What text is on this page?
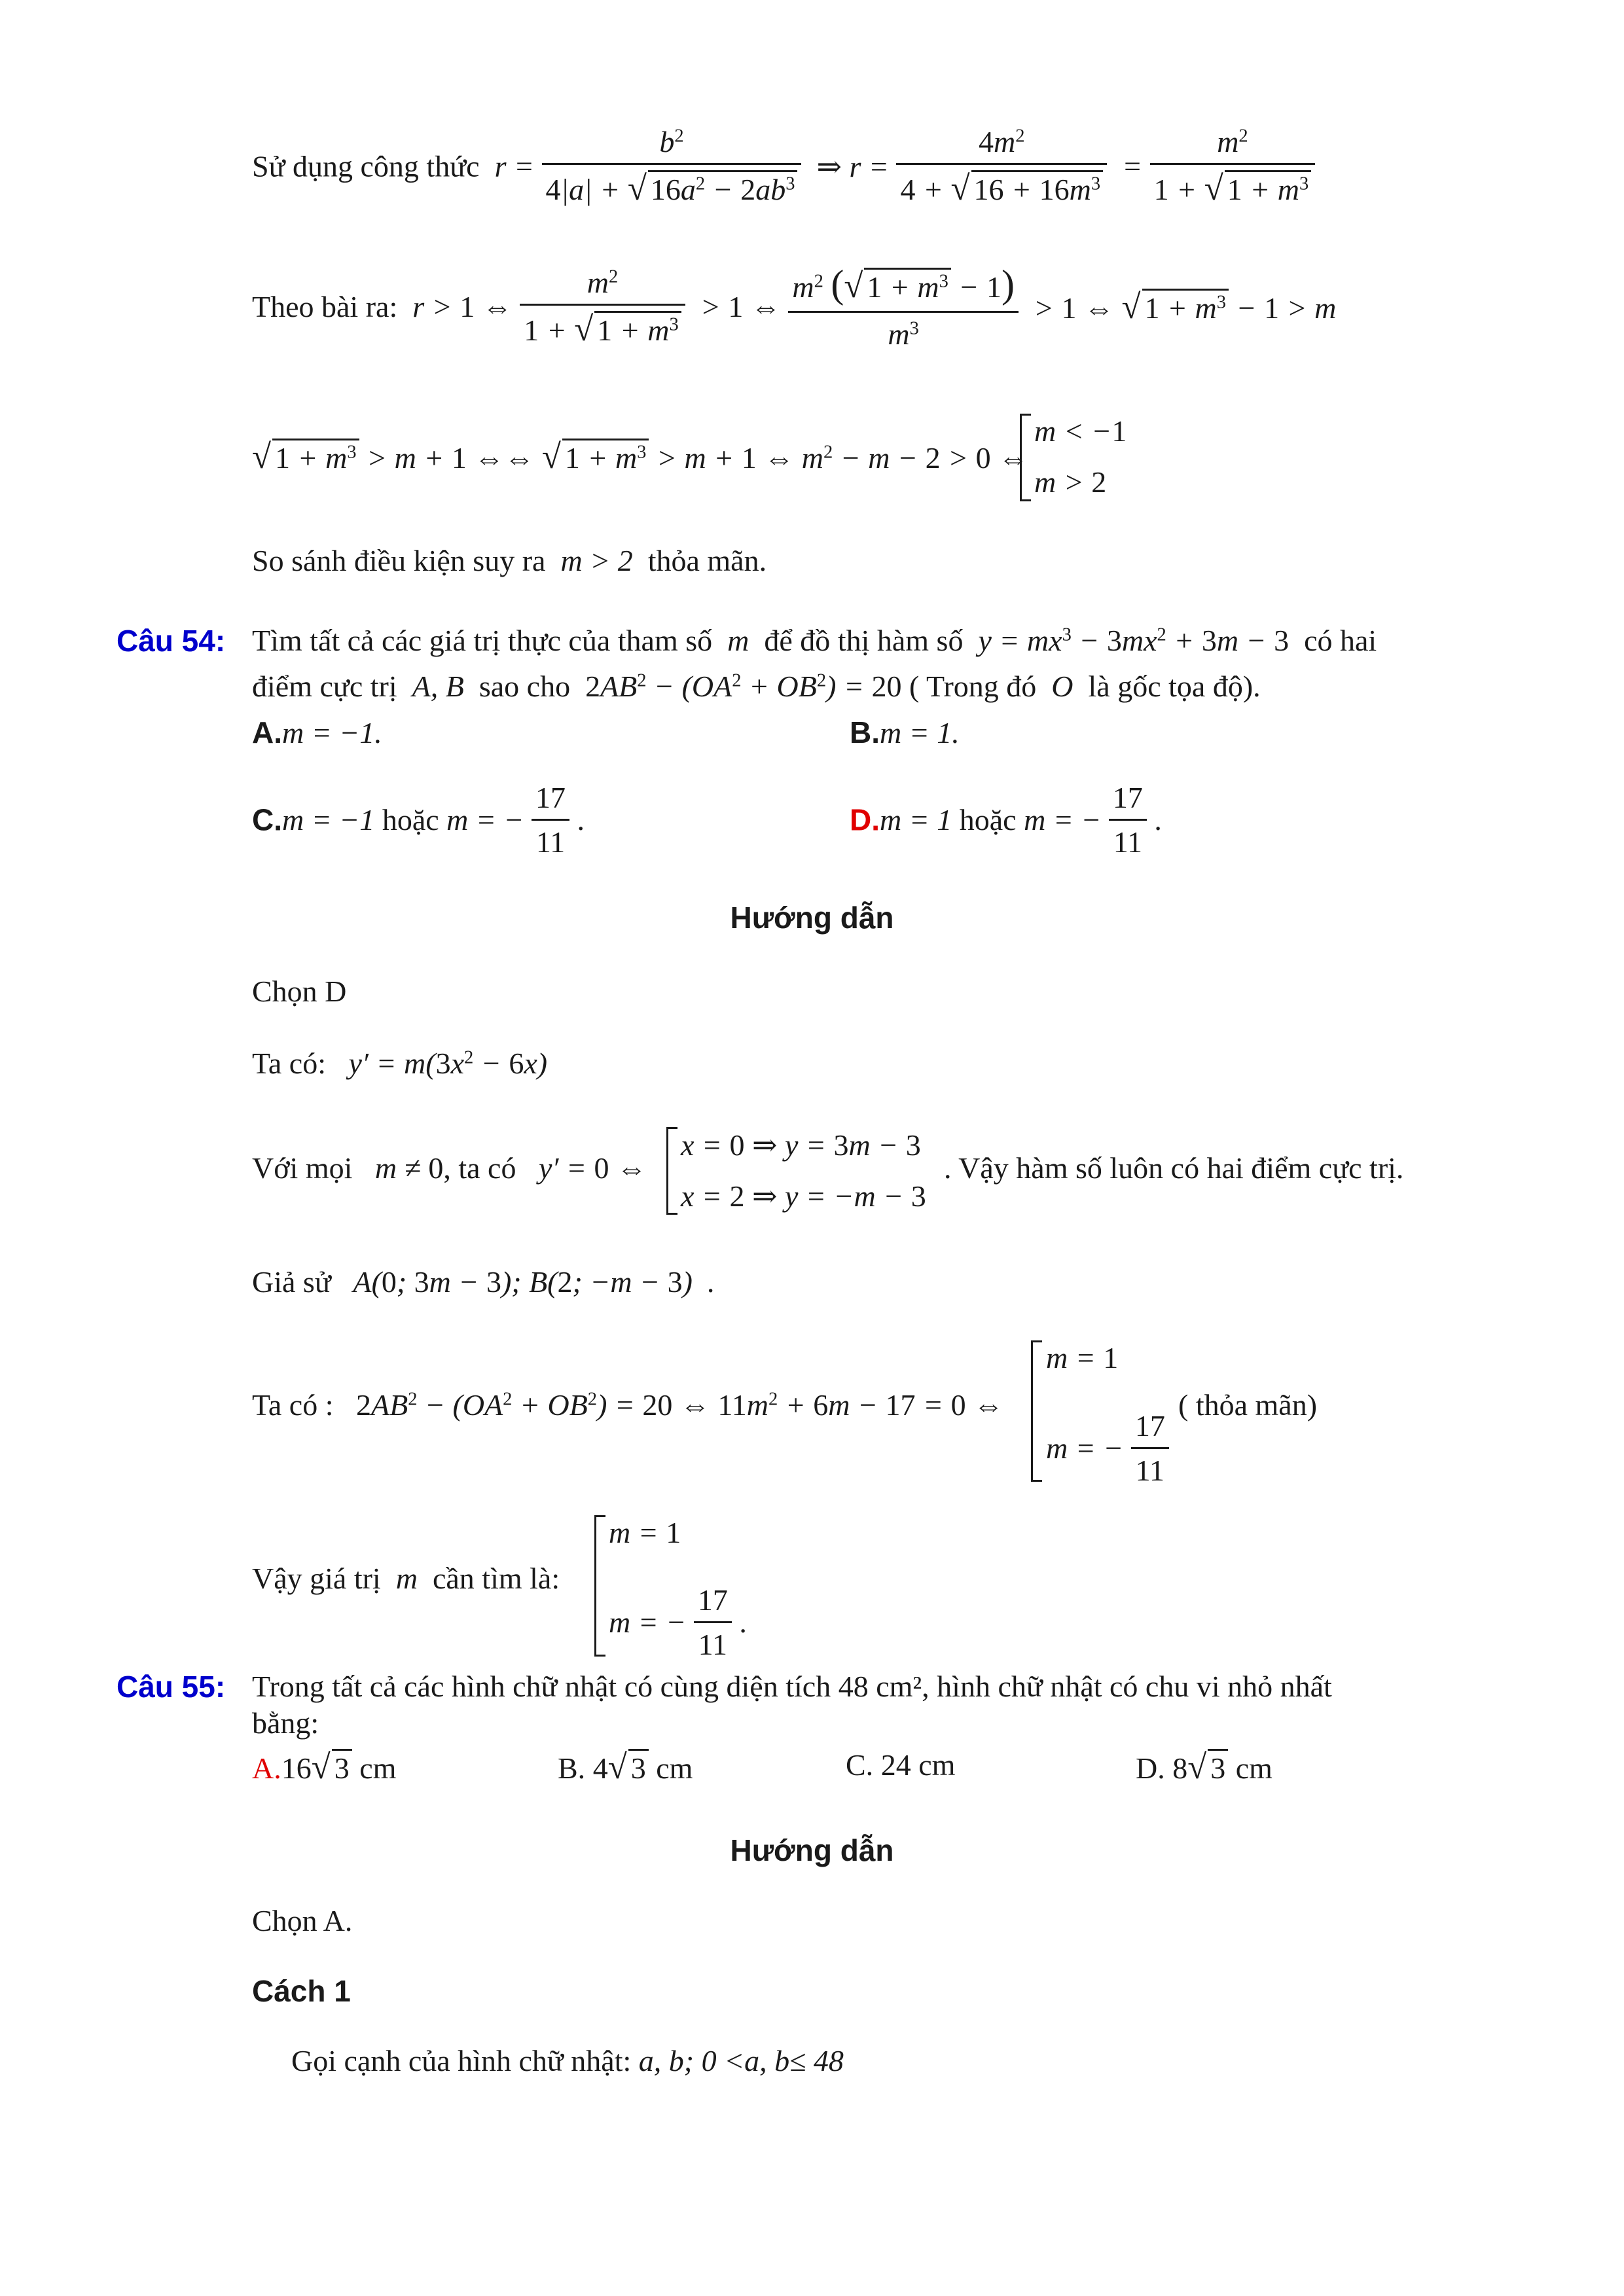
Sử dụng công thức  $r = \frac{b^2}{4|a| + √ 16a^2 - 2ab^3}$ ⇒ $r = \frac{4m^2}{4 + √ 16 + 16m^3} = \frac{m^2}{1 + √ 1 + m^3}$
Theo bài ra:  r > 1 ⇔ $\frac{m^2}{1 + √ 1 + m^3} > 1$ ⇔ $\frac{m^2 (√ 1 + m^3 - 1)}{m^3} > 1$ ⇔ √ $1 + m^3 - 1 > m$
√ $1 + m^3 > m + 1$ ⇔⇔ √ $1 + m^3 > m + 1$ ⇔ $m^2 - m - 2 > 0$ ⇔
m < −1
m > 2
So sánh điều kiện suy ra m > 2 thỏa mãn.
Câu 54: Tìm tất cả các giá trị thực của tham số  m  để đồ thị hàm số  $y = mx^3 - 3mx^2 + 3m - 3$ có hai
điểm cực trị  A, B  sao cho $2AB^2 - (OA^2 + OB^2) = 20$ ( Trong đó  O  là gốc tọa độ).
A.m = −1.	B.m = 1.
C.m = −1 hoặc m = − $\frac{17}{11}$ .	D.m = 1 hoặc m = − $\frac{17}{11}$ .
Hướng dẫn
Chọn D
Ta có:   $y' = m(3x^2 - 6x)$
Với mọi   m ≠ 0, ta có   y′ = 0 ⇔
x = 0 ⇒ y = 3m − 3
x = 2 ⇒ y = −m − 3
. Vậy hàm số luôn có hai điểm cực trị.
Giả sử   A(0; 3m − 3); B(2; −m − 3)  .
Ta có : $2AB^2 - (OA^2 + OB^2) = 20$ ⇔ $11m^2 + 6m - 17 = 0$ ⇔
m = 1
m = − $\frac{17}{11}$
( thỏa mãn)
Vậy giá trị  m  cần tìm là:
m = 1
m = − $\frac{17}{11}$ .
Câu 55: Trong tất cả các hình chữ nhật có cùng diện tích 48 cm², hình chữ nhật có chu vi nhỏ nhất
bằng:
A.16√ 3 cm	B. 4√ 3 cm	C. 24 cm	D. 8√ 3 cm
Hướng dẫn
Chọn A.
Cách 1
Gọi cạnh của hình chữ nhật: a, b; 0 <a, b≤ 48
